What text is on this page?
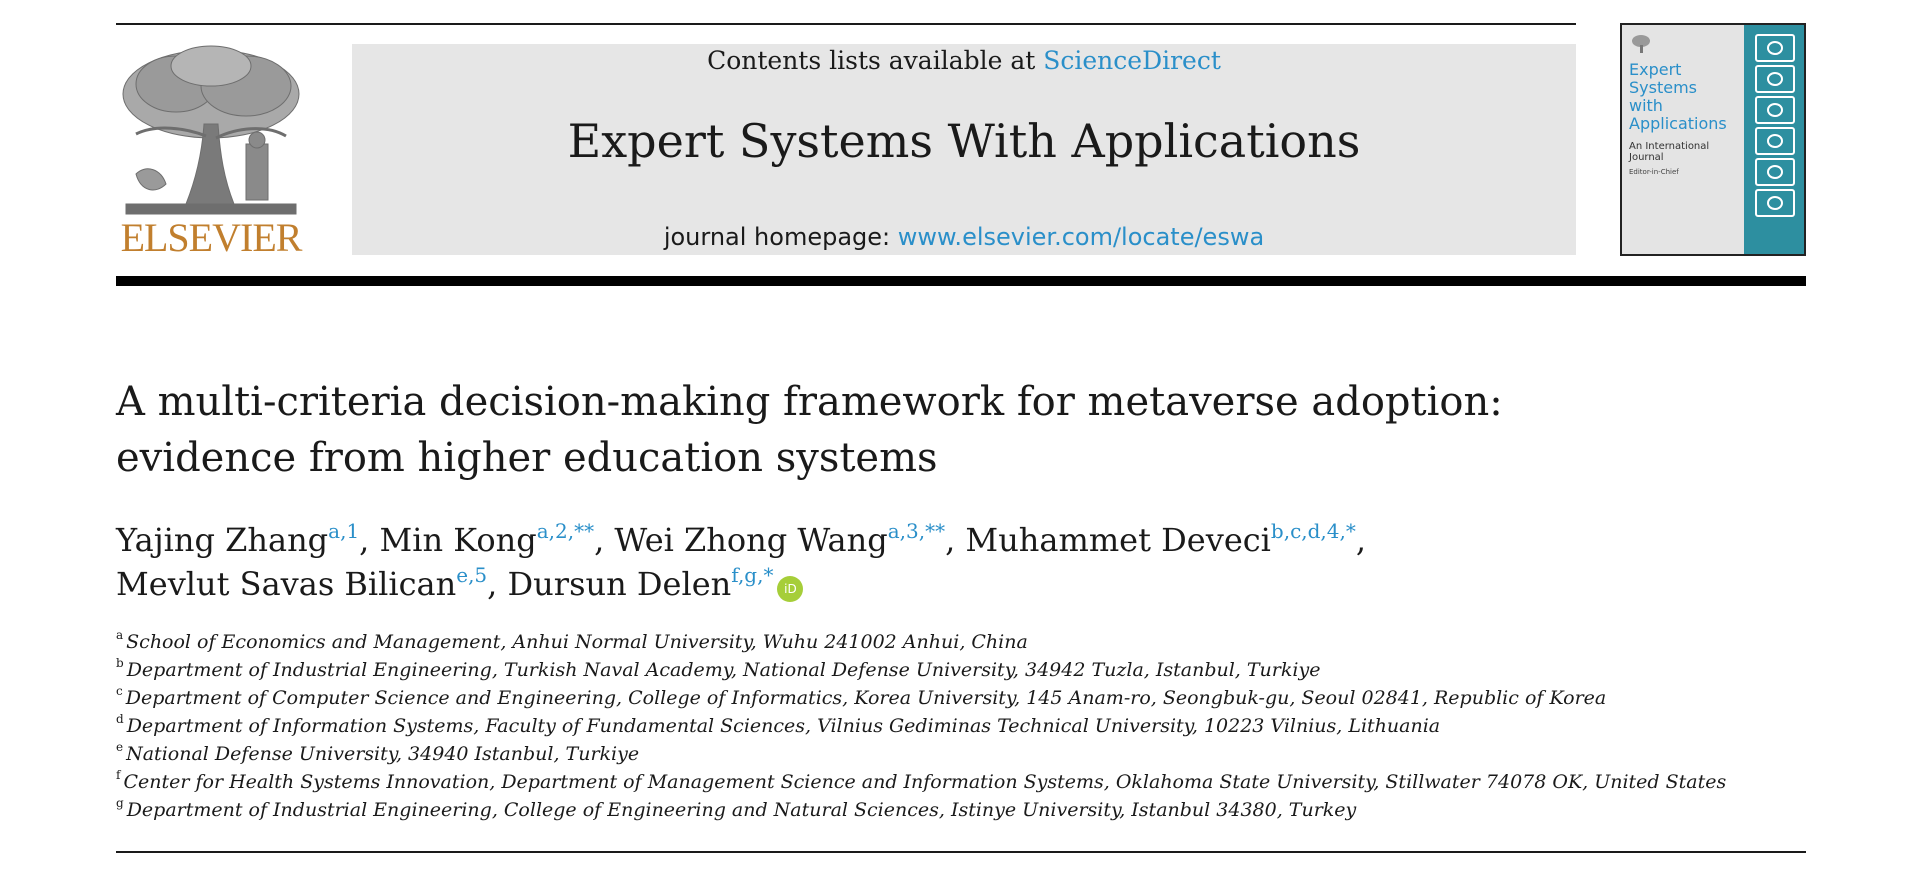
ELSEVIER
Contents lists available at ScienceDirect
Expert Systems With Applications
journal homepage: www.elsevier.com/locate/eswa
Expert
Systems
with
Applications
An International Journal
Editor-in-Chief
A multi-criteria decision-making framework for metaverse adoption:
evidence from higher education systems
Yajing Zhang$^{a,1}$, Min Kong$^{a,2,**}$, Wei Zhong Wang$^{a,3,**}$, Muhammet Deveci$^{b,c,d,4,*}$,
Mevlut Savas Bilican$^{e,5}$, Dursun Delen$^{f,g,*}$iD
$^a$ School of Economics and Management, Anhui Normal University, Wuhu 241002 Anhui, China
$^b$ Department of Industrial Engineering, Turkish Naval Academy, National Defense University, 34942 Tuzla, Istanbul, Turkiye
$^c$ Department of Computer Science and Engineering, College of Informatics, Korea University, 145 Anam-ro, Seongbuk-gu, Seoul 02841, Republic of Korea
$^d$ Department of Information Systems, Faculty of Fundamental Sciences, Vilnius Gediminas Technical University, 10223 Vilnius, Lithuania
$^e$ National Defense University, 34940 Istanbul, Turkiye
$^f$ Center for Health Systems Innovation, Department of Management Science and Information Systems, Oklahoma State University, Stillwater 74078 OK, United States
$^g$ Department of Industrial Engineering, College of Engineering and Natural Sciences, Istinye University, Istanbul 34380, Turkey
